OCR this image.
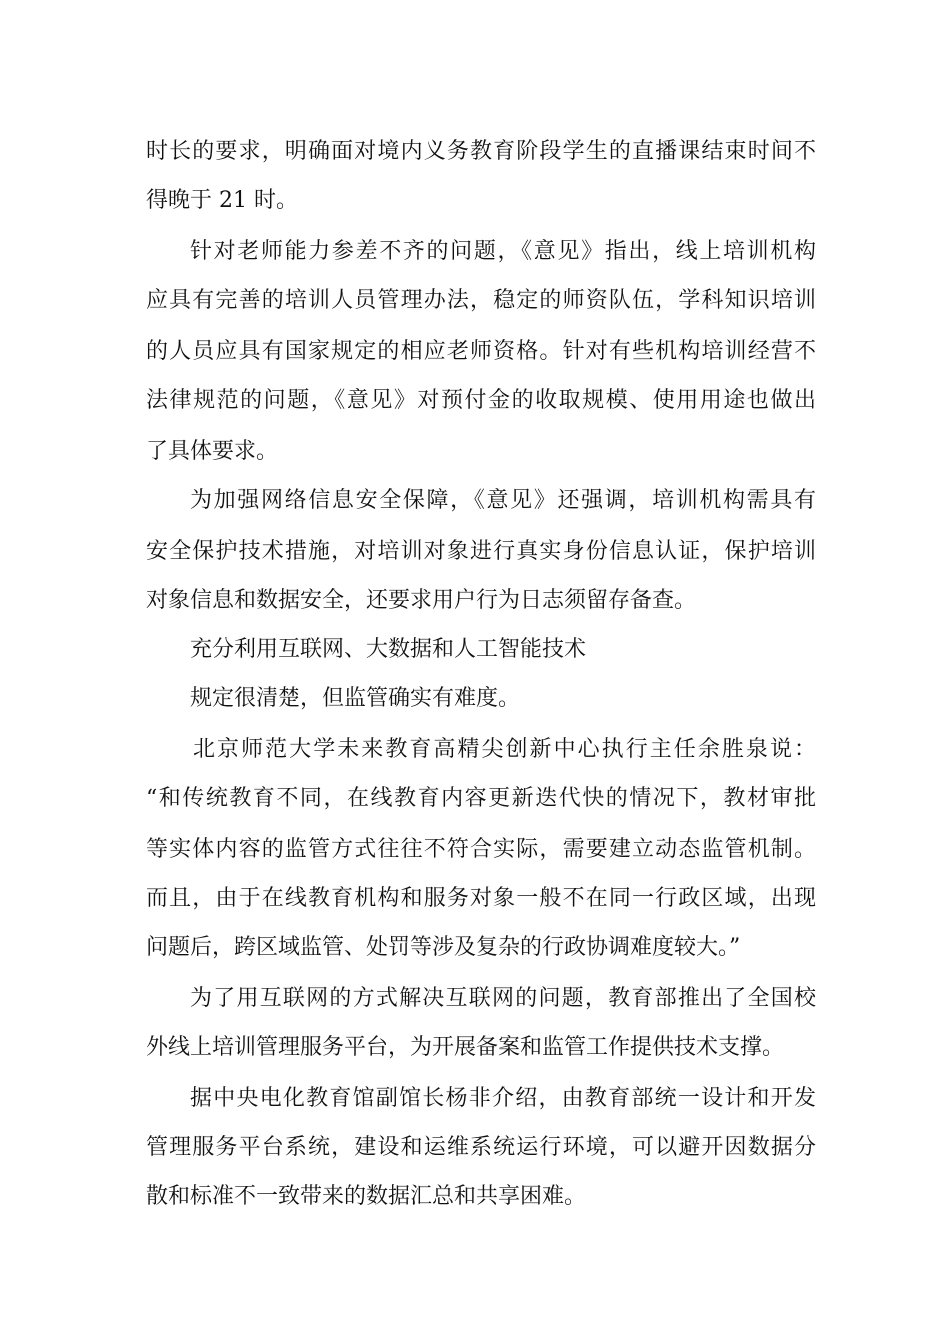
时长的要求，明确面对境内义务教育阶段学生的直播课结束时间不
得晚于 21 时。
针对老师能力参差不齐的问题，《意见》指出，线上培训机构
应具有完善的培训人员管理办法，稳定的师资队伍，学科知识培训
的人员应具有国家规定的相应老师资格。针对有些机构培训经营不
法律规范的问题，《意见》对预付金的收取规模、使用用途也做出
了具体要求。
为加强网络信息安全保障，《意见》还强调，培训机构需具有
安全保护技术措施，对培训对象进行真实身份信息认证，保护培训
对象信息和数据安全，还要求用户行为日志须留存备查。
充分利用互联网、大数据和人工智能技术
规定很清楚，但监管确实有难度。
北京师范大学未来教育高精尖创新中心执行主任余胜泉说：
“和传统教育不同，在线教育内容更新迭代快的情况下，教材审批
等实体内容的监管方式往往不符合实际，需要建立动态监管机制。
而且，由于在线教育机构和服务对象一般不在同一行政区域，出现
问题后，跨区域监管、处罚等涉及复杂的行政协调难度较大。”
为了用互联网的方式解决互联网的问题，教育部推出了全国校
外线上培训管理服务平台，为开展备案和监管工作提供技术支撑。
据中央电化教育馆副馆长杨非介绍，由教育部统一设计和开发
管理服务平台系统，建设和运维系统运行环境，可以避开因数据分
散和标准不一致带来的数据汇总和共享困难。
